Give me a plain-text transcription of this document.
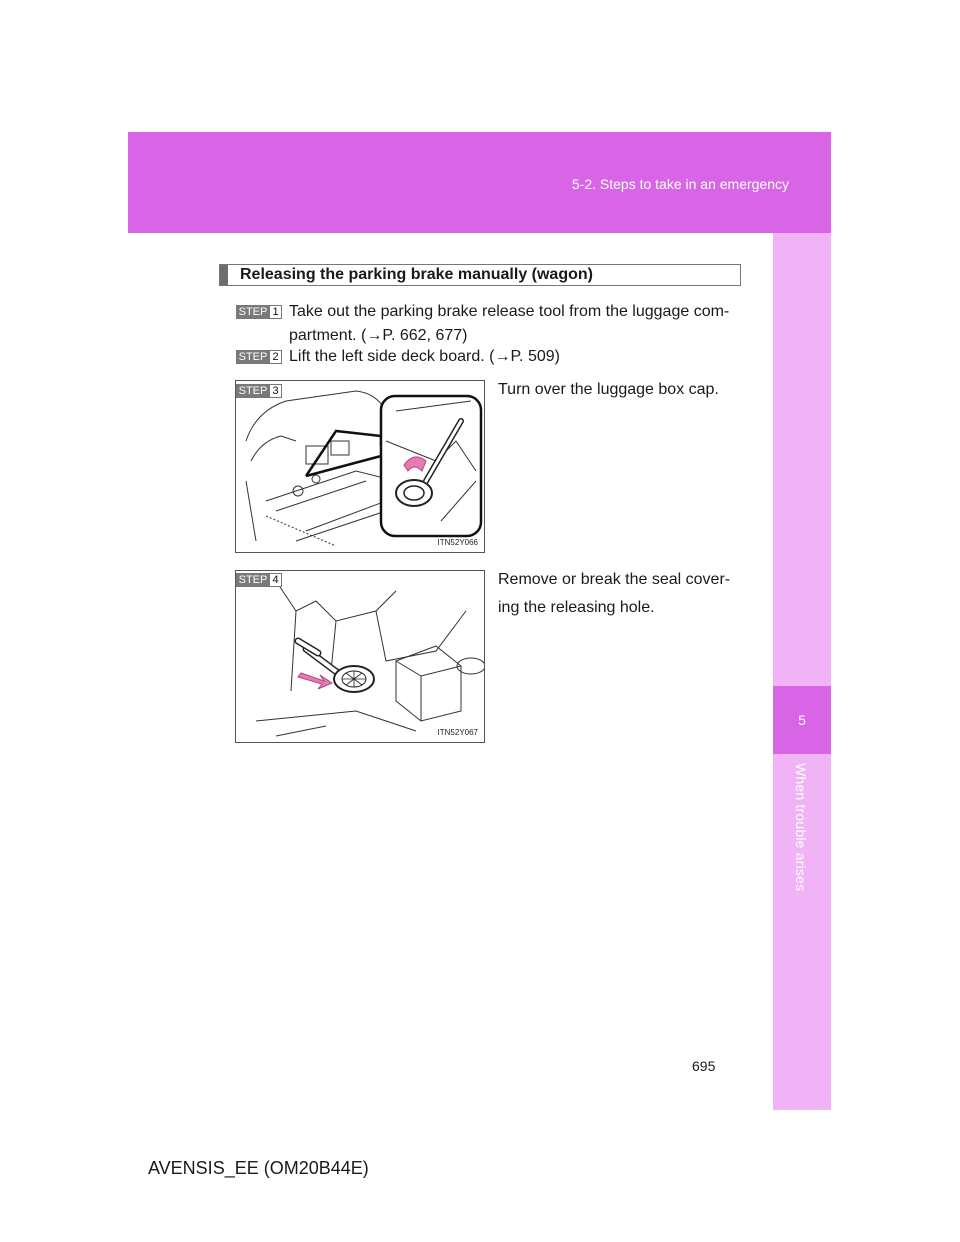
5-2. Steps to take in an emergency
5
When trouble arises
Releasing the parking brake manually (wagon)
STEP 1 Take out the parking brake release tool from the luggage com-
partment. (→P. 662, 677)
STEP 2 Lift the left side deck board. (→P. 509)
ITN52Y066
STEP 3	Turn over the luggage box cap.
ITN52Y067
STEP 4	Remove or break the seal cover-
ing the releasing hole.
695
AVENSIS_EE (OM20B44E)
